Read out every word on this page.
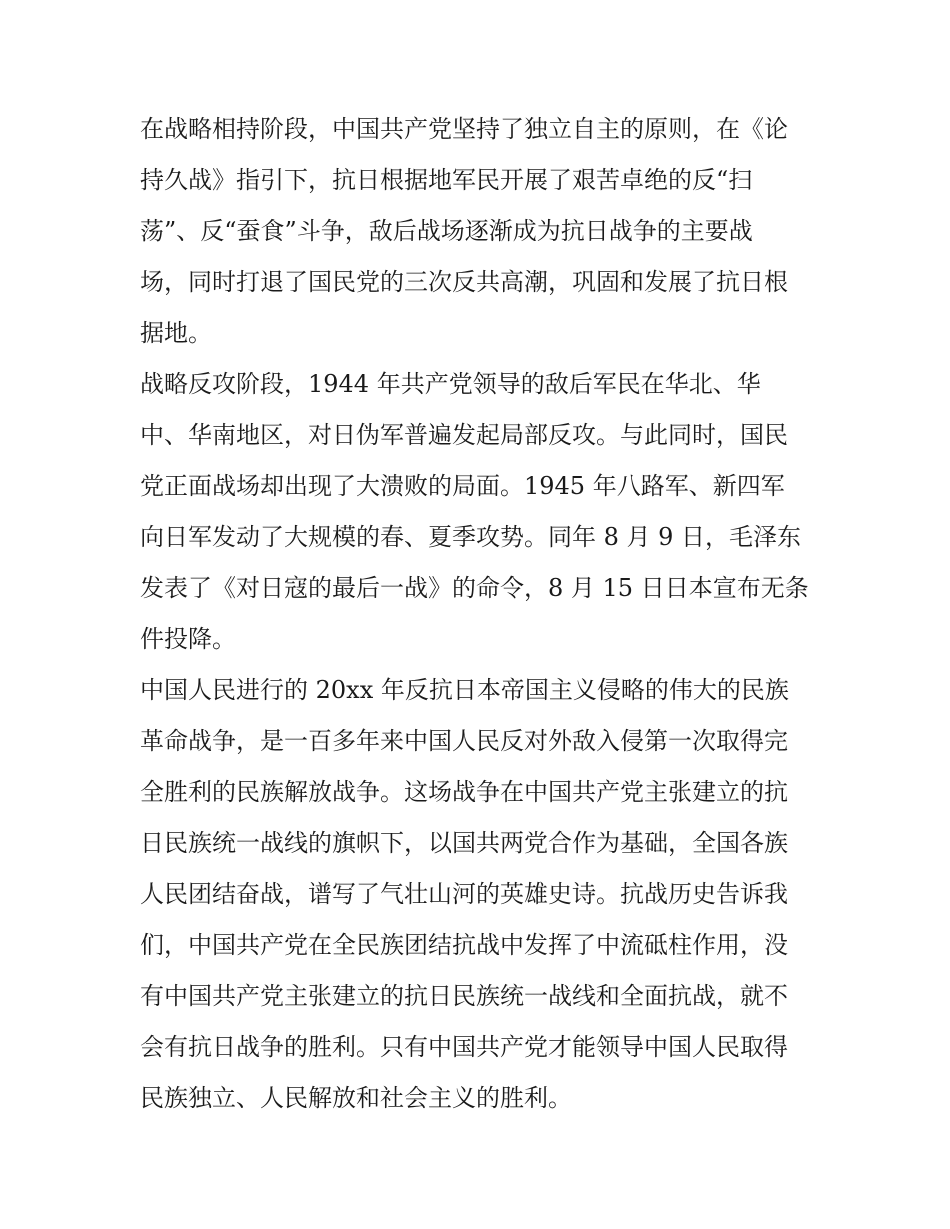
在战略相持阶段，中国共产党坚持了独立自主的原则，在《论
持久战》指引下，抗日根据地军民开展了艰苦卓绝的反“扫
荡”、反“蚕食”斗争，敌后战场逐渐成为抗日战争的主要战
场，同时打退了国民党的三次反共高潮，巩固和发展了抗日根
据地。
战略反攻阶段，1944 年共产党领导的敌后军民在华北、华
中、华南地区，对日伪军普遍发起局部反攻。与此同时，国民
党正面战场却出现了大溃败的局面。1945 年八路军、新四军
向日军发动了大规模的春、夏季攻势。同年 8 月 9 日，毛泽东
发表了《对日寇的最后一战》的命令，8 月 15 日日本宣布无条
件投降。
中国人民进行的 20xx 年反抗日本帝国主义侵略的伟大的民族
革命战争，是一百多年来中国人民反对外敌入侵第一次取得完
全胜利的民族解放战争。这场战争在中国共产党主张建立的抗
日民族统一战线的旗帜下，以国共两党合作为基础，全国各族
人民团结奋战，谱写了气壮山河的英雄史诗。抗战历史告诉我
们，中国共产党在全民族团结抗战中发挥了中流砥柱作用，没
有中国共产党主张建立的抗日民族统一战线和全面抗战，就不
会有抗日战争的胜利。只有中国共产党才能领导中国人民取得
民族独立、人民解放和社会主义的胜利。
